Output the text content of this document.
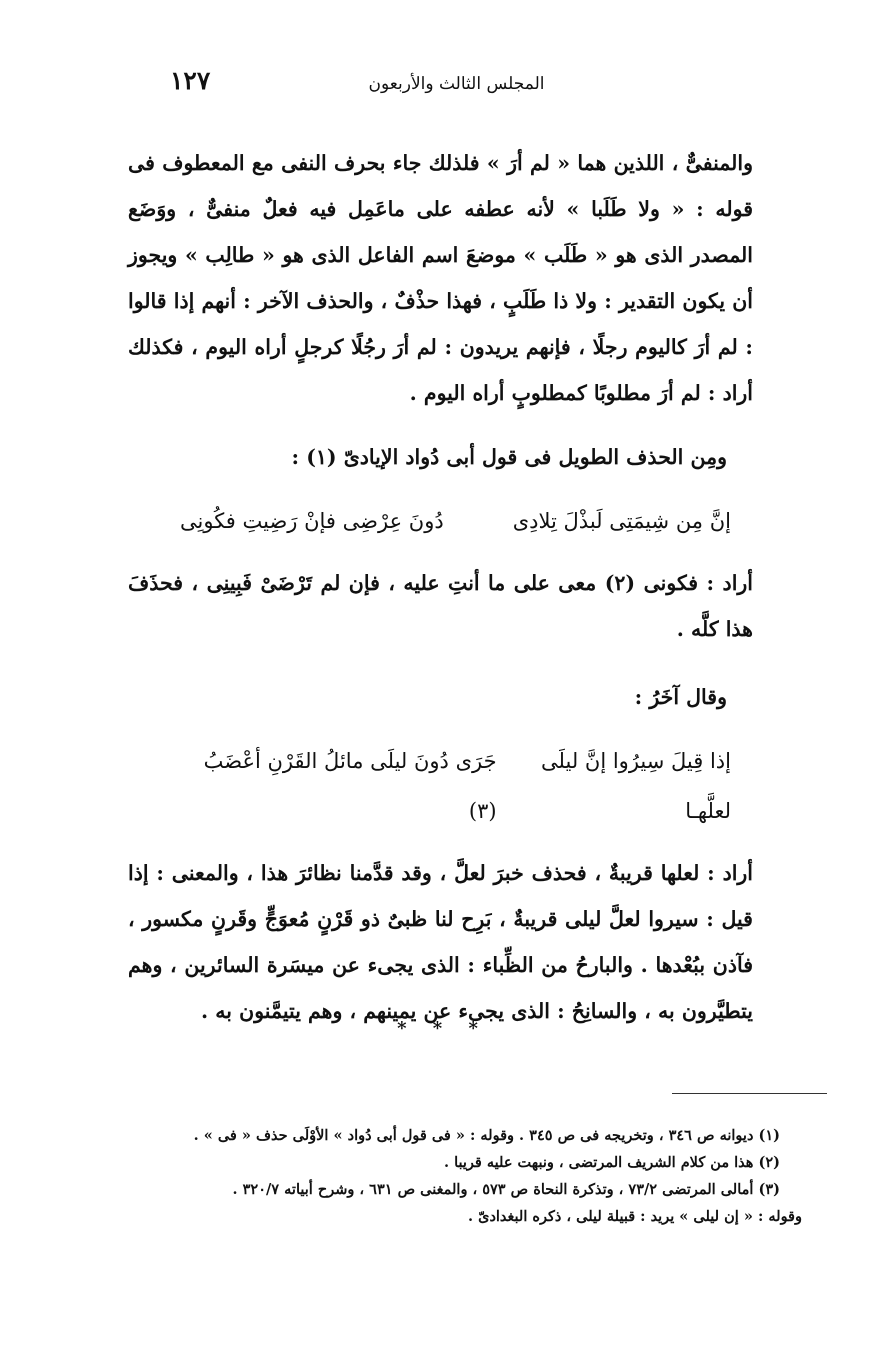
المجلس الثالث والأربعون
١٢٧

والمنفىٌّ ، اللذين هما « لم أرَ » فلذلك جاء بحرف النفى مع المعطوف فى قوله : « ولا طَلَبا » لأنه عطفه على ماعَمِل فيه فعلٌ منفىٌّ ، ووَضَع المصدر الذى هو « طَلَب » موضعَ اسم الفاعل الذى هو « طالِب » ويجوز أن يكون التقدير : ولا ذا طَلَبٍ ، فهذا حذْفٌ ، والحذف الآخر : أنهم إذا قالوا : لم أرَ كاليوم رجلًا ، فإنهم يريدون : لم أرَ رجُلًا كرجلٍ أراه اليوم ، فكذلك أراد : لم أرَ مطلوبًا كمطلوبٍ أراه اليوم .

ومِن الحذف الطويل فى قول أبى دُواد الإيادىّ (١) :

إنَّ مِن شِيمَتِى لَبذْلَ تِلادِى
دُونَ عِرْضِى فإنْ رَضِيتِ فكُونِى

أراد : فكونى (٢) معى على ما أنتِ عليه ، فإن لم تَرْضَىْ فَبِينِى ، فحذَفَ هذا كلَّه .

وقال آخَرُ :

إذا قِيلَ سِيرُوا إنَّ ليلَى لعلَّهـا
جَرَى دُونَ ليلَى مائلُ القَرْنِ أعْضَبُ (٣)

أراد : لعلها قريبةٌ ، فحذف خبرَ لعلَّ ، وقد قدَّمنا نظائرَ هذا ، والمعنى : إذا قيل : سيروا لعلَّ ليلى قريبةٌ ، بَرِح لنا ظبىٌ ذو قَرْنٍ مُعوَجٍّ وقَرنٍ مكسور ، فآذن ببُعْدها . والبارحُ من الظِّباء : الذى يجىء عن ميسَرة السائرين ، وهم يتطيَّرون به ، والسانِحُ : الذى يجىء عن يمينهم ، وهم يتيمَّنون به .

* * *

(١) ديوانه ص ٣٤٦ ، وتخريجه فى ص ٣٤٥ . وقوله : « فى قول أبى دُواد » الأوْلَى حذف « فى » .

(٢) هذا من كلام الشريف المرتضى ، ونبهت عليه قريبا .

(٣) أمالى المرتضى ٧٣/٢ ، وتذكرة النحاة ص ٥٧٣ ، والمغنى ص ٦٣١ ، وشرح أبياته ٣٢٠/٧ .

وقوله : « إن ليلى » يريد : قبيلة ليلى ، ذكره البغدادىّ .
